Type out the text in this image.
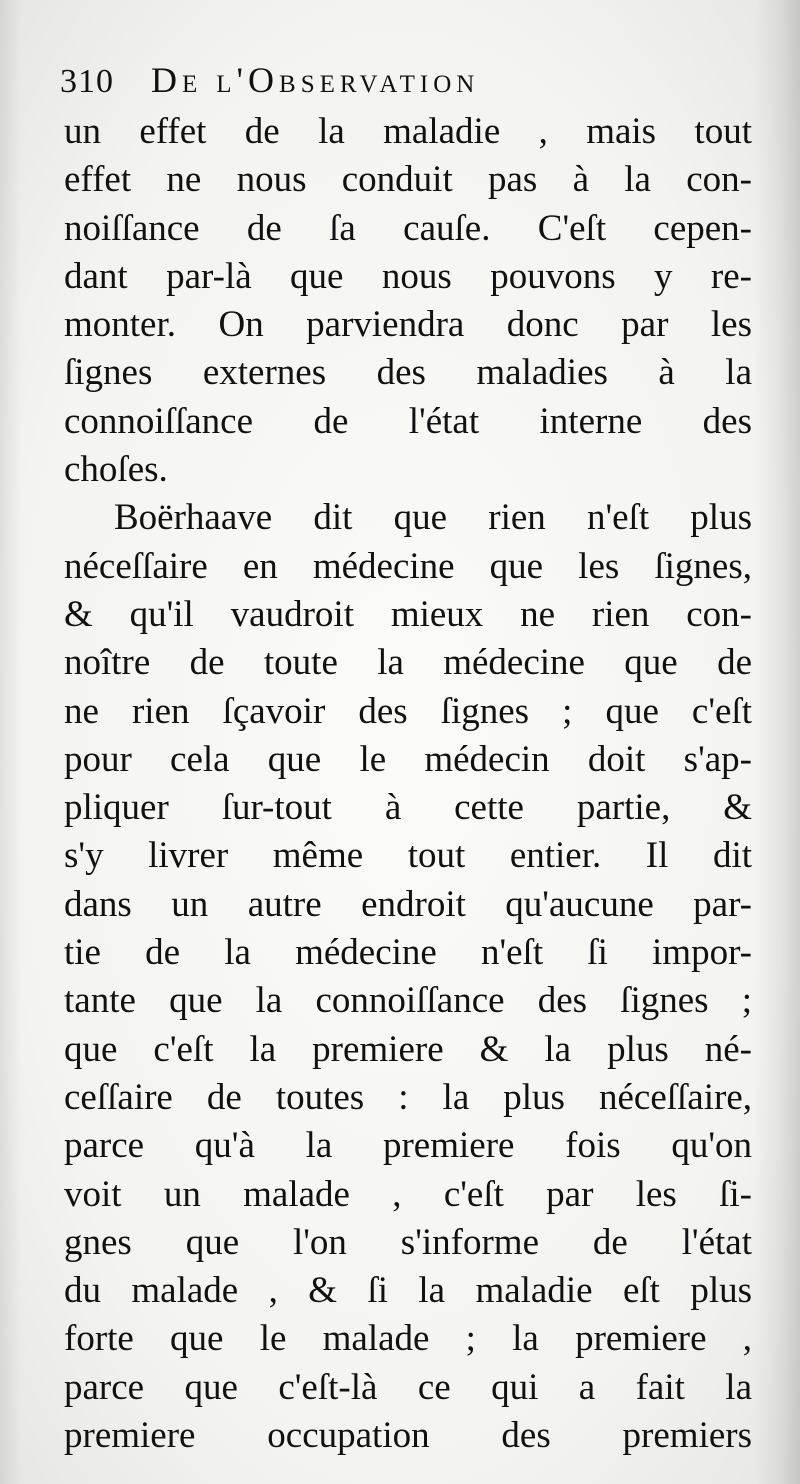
310 De l'Observation
un effet de la maladie , mais tout
effet ne nous conduit pas à la con-
noiſſance de ſa cauſe. C'eſt cepen-
dant par-là que nous pouvons y re-
monter. On parviendra donc par les
ſignes externes des maladies à la
connoiſſance de l'état interne des
choſes.
Boërhaave dit que rien n'eſt plus
néceſſaire en médecine que les ſignes,
& qu'il vaudroit mieux ne rien con-
noître de toute la médecine que de
ne rien ſçavoir des ſignes ; que c'eſt
pour cela que le médecin doit s'ap-
pliquer ſur-tout à cette partie, &
s'y livrer même tout entier. Il dit
dans un autre endroit qu'aucune par-
tie de la médecine n'eſt ſi impor-
tante que la connoiſſance des ſignes ;
que c'eſt la premiere & la plus né-
ceſſaire de toutes : la plus néceſſaire,
parce qu'à la premiere fois qu'on
voit un malade , c'eſt par les ſi-
gnes que l'on s'informe de l'état
du malade , & ſi la maladie eſt plus
forte que le malade ; la premiere ,
parce que c'eſt-là ce qui a fait la
premiere occupation des premiers
